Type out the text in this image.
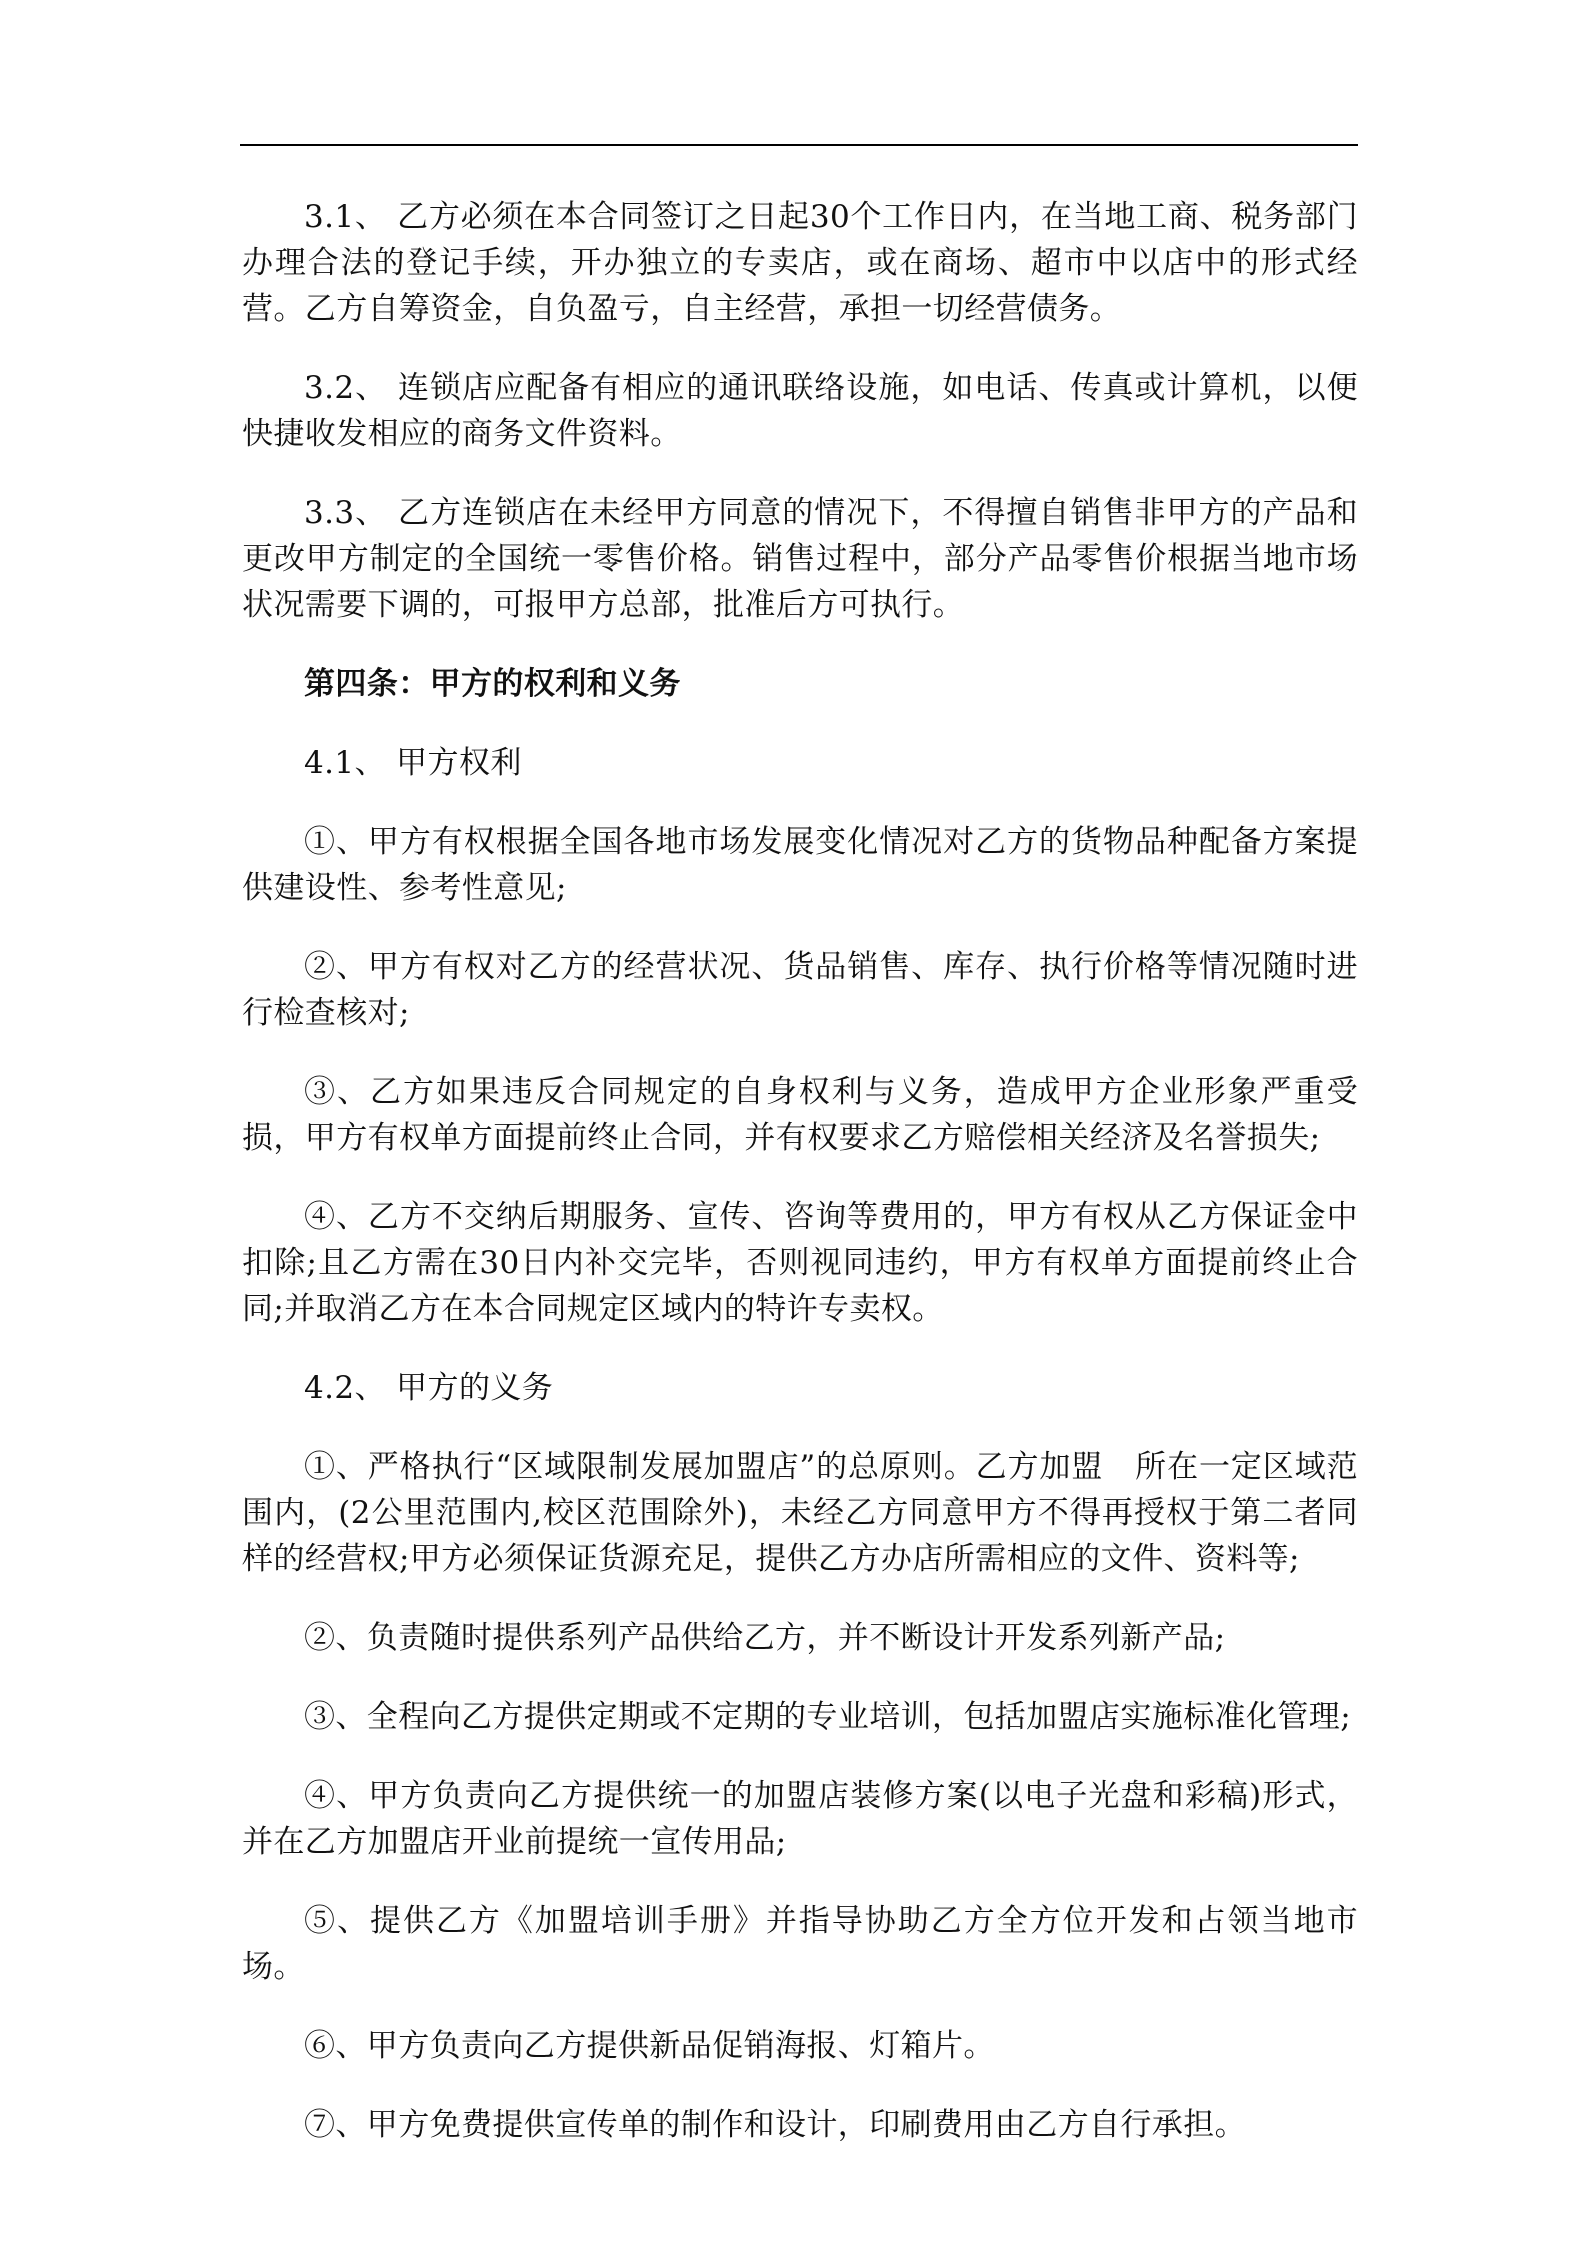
3.1、 乙方必须在本合同签订之日起30个工作日内，在当地工商、税务部门办理合法的登记手续，开办独立的专卖店，或在商场、超市中以店中的形式经营。乙方自筹资金，自负盈亏，自主经营，承担一切经营债务。

3.2、 连锁店应配备有相应的通讯联络设施，如电话、传真或计算机，以便快捷收发相应的商务文件资料。

3.3、 乙方连锁店在未经甲方同意的情况下，不得擅自销售非甲方的产品和更改甲方制定的全国统一零售价格。销售过程中，部分产品零售价根据当地市场状况需要下调的，可报甲方总部，批准后方可执行。

第四条：甲方的权利和义务

4.1、 甲方权利

①、甲方有权根据全国各地市场发展变化情况对乙方的货物品种配备方案提供建设性、参考性意见;

②、甲方有权对乙方的经营状况、货品销售、库存、执行价格等情况随时进行检查核对;

③、乙方如果违反合同规定的自身权利与义务，造成甲方企业形象严重受损，甲方有权单方面提前终止合同，并有权要求乙方赔偿相关经济及名誉损失;

④、乙方不交纳后期服务、宣传、咨询等费用的，甲方有权从乙方保证金中扣除;且乙方需在30日内补交完毕，否则视同违约，甲方有权单方面提前终止合同;并取消乙方在本合同规定区域内的特许专卖权。

4.2、 甲方的义务

①、严格执行“区域限制发展加盟店”的总原则。乙方加盟　所在一定区域范围内，(2公里范围内,校区范围除外)，未经乙方同意甲方不得再授权于第二者同样的经营权;甲方必须保证货源充足，提供乙方办店所需相应的文件、资料等;

②、负责随时提供系列产品供给乙方，并不断设计开发系列新产品;

③、全程向乙方提供定期或不定期的专业培训，包括加盟店实施标准化管理;

④、甲方负责向乙方提供统一的加盟店装修方案(以电子光盘和彩稿)形式，并在乙方加盟店开业前提统一宣传用品;

⑤、提供乙方《加盟培训手册》并指导协助乙方全方位开发和占领当地市场。

⑥、甲方负责向乙方提供新品促销海报、灯箱片。

⑦、甲方免费提供宣传单的制作和设计，印刷费用由乙方自行承担。
